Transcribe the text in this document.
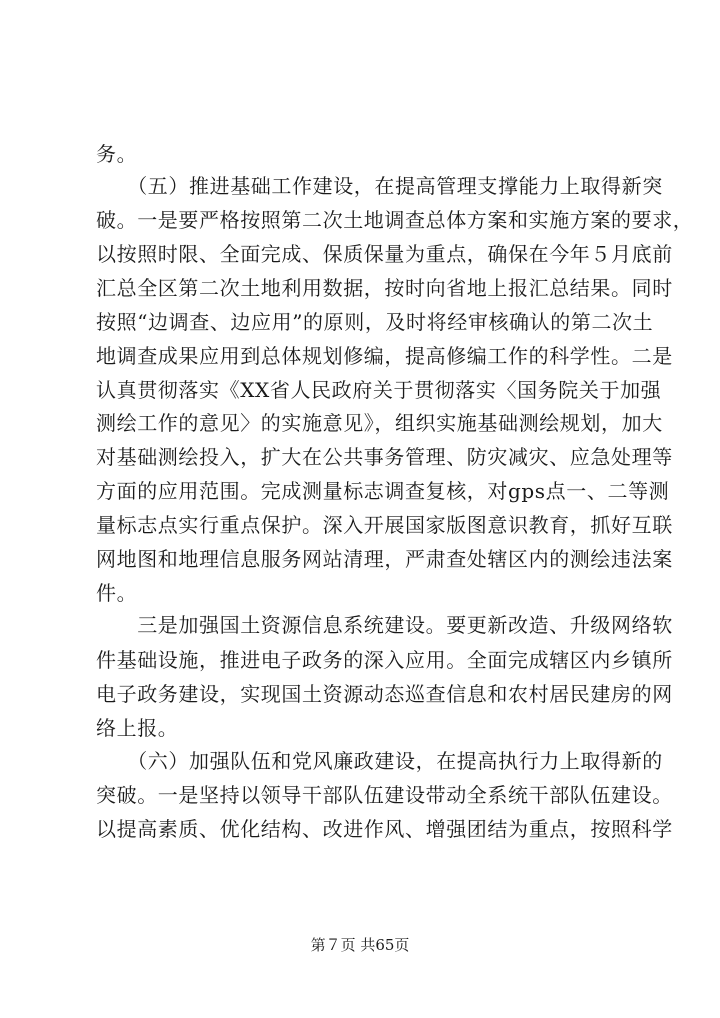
务。
　　（五）推进基础工作建设，在提高管理支撑能力上取得新突
破。一是要严格按照第二次土地调查总体方案和实施方案的要求，
以按照时限、全面完成、保质保量为重点，确保在今年５月底前
汇总全区第二次土地利用数据，按时向省地上报汇总结果。同时
按照“边调查、边应用”的原则，及时将经审核确认的第二次土
地调查成果应用到总体规划修编，提高修编工作的科学性。二是
认真贯彻落实《XX省人民政府关于贯彻落实〈国务院关于加强
测绘工作的意见〉的实施意见》，组织实施基础测绘规划，加大
对基础测绘投入，扩大在公共事务管理、防灾减灾、应急处理等
方面的应用范围。完成测量标志调查复核，对gps点一、二等测
量标志点实行重点保护。深入开展国家版图意识教育，抓好互联
网地图和地理信息服务网站清理，严肃查处辖区内的测绘违法案
件。
　　三是加强国土资源信息系统建设。要更新改造、升级网络软
件基础设施，推进电子政务的深入应用。全面完成辖区内乡镇所
电子政务建设，实现国土资源动态巡查信息和农村居民建房的网
络上报。
　　（六）加强队伍和党风廉政建设，在提高执行力上取得新的
突破。一是坚持以领导干部队伍建设带动全系统干部队伍建设。
以提高素质、优化结构、改进作风、增强团结为重点，按照科学
第７页 共65页
